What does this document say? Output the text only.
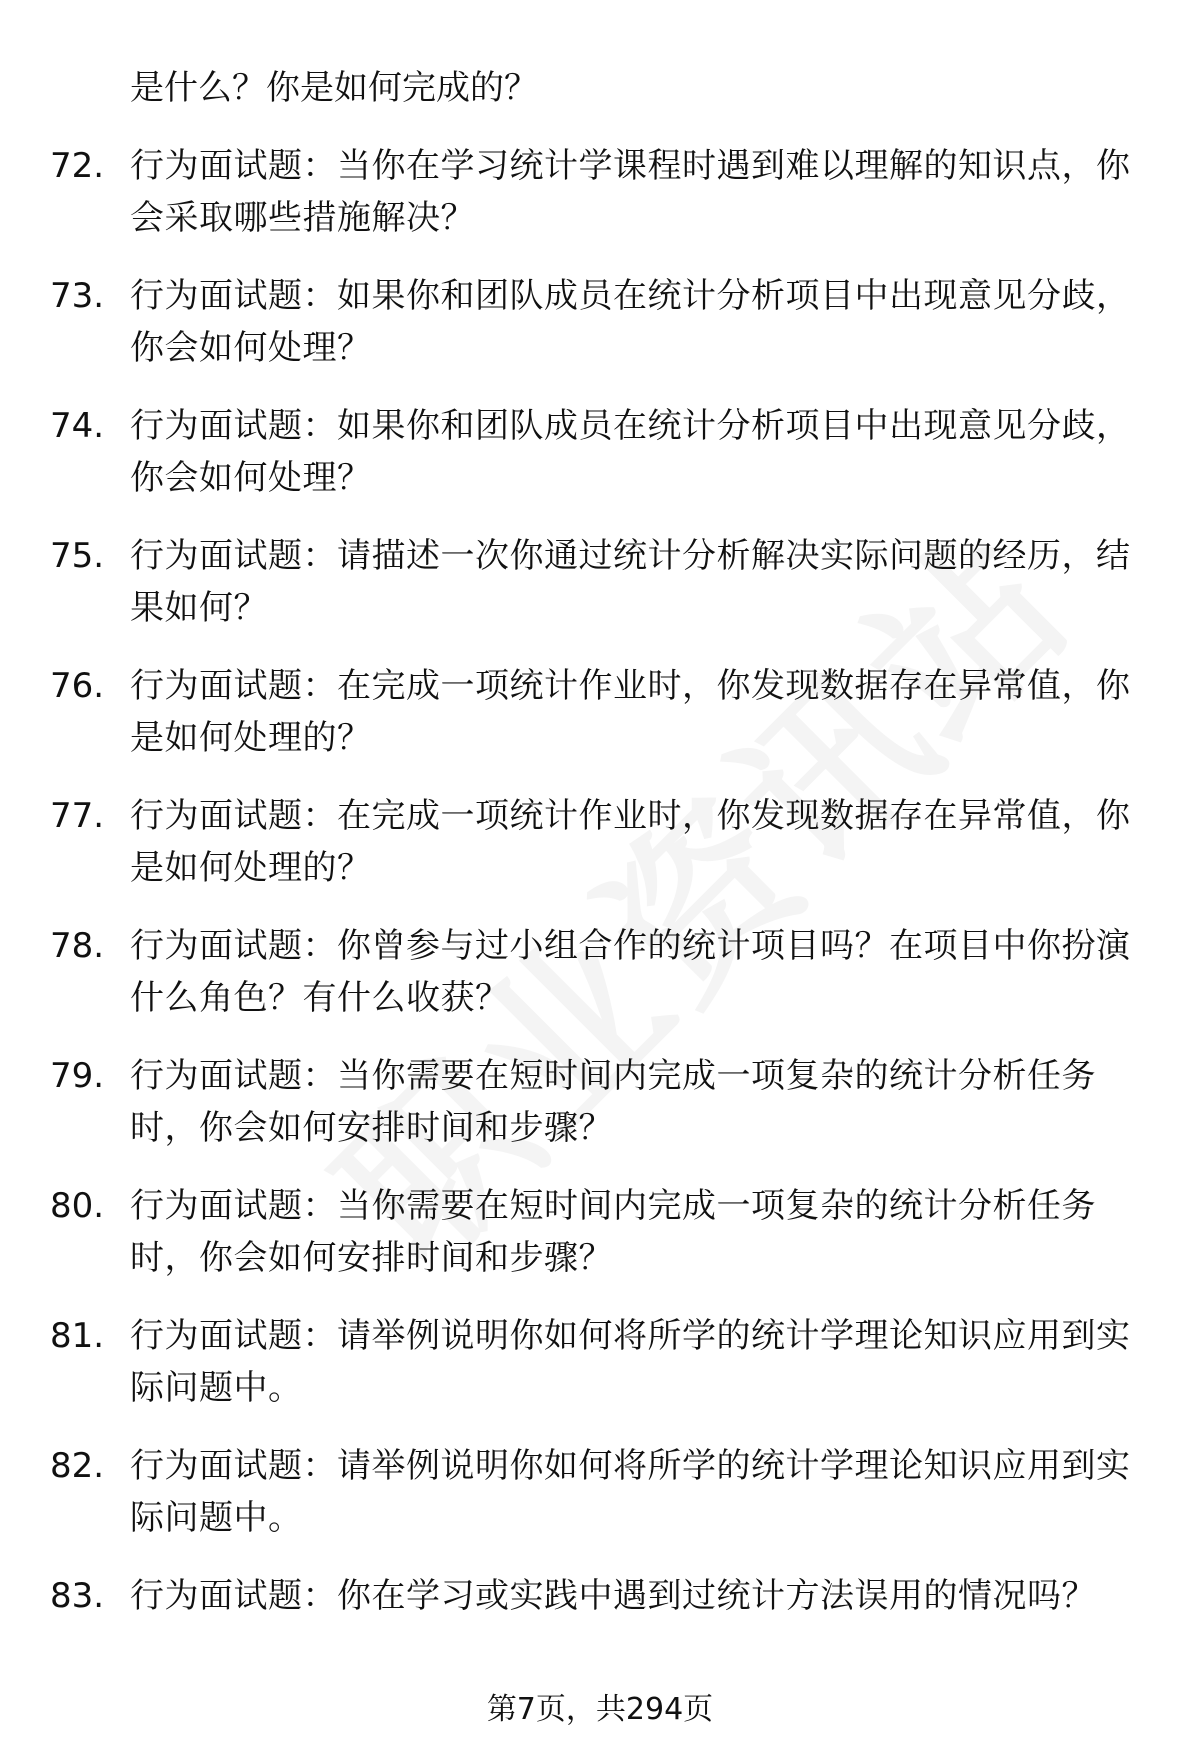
是什么？你是如何完成的？
72. 行为面试题：当你在学习统计学课程时遇到难以理解的知识点，你会采取哪些措施解决？
73. 行为面试题：如果你和团队成员在统计分析项目中出现意见分歧，你会如何处理？
74. 行为面试题：如果你和团队成员在统计分析项目中出现意见分歧，你会如何处理？
75. 行为面试题：请描述一次你通过统计分析解决实际问题的经历，结果如何？
76. 行为面试题：在完成一项统计作业时，你发现数据存在异常值，你是如何处理的？
77. 行为面试题：在完成一项统计作业时，你发现数据存在异常值，你是如何处理的？
78. 行为面试题：你曾参与过小组合作的统计项目吗？在项目中你扮演什么角色？有什么收获？
79. 行为面试题：当你需要在短时间内完成一项复杂的统计分析任务时，你会如何安排时间和步骤？
80. 行为面试题：当你需要在短时间内完成一项复杂的统计分析任务时，你会如何安排时间和步骤？
81. 行为面试题：请举例说明你如何将所学的统计学理论知识应用到实际问题中。
82. 行为面试题：请举例说明你如何将所学的统计学理论知识应用到实际问题中。
83. 行为面试题：你在学习或实践中遇到过统计方法误用的情况吗？
第7页，共294页
